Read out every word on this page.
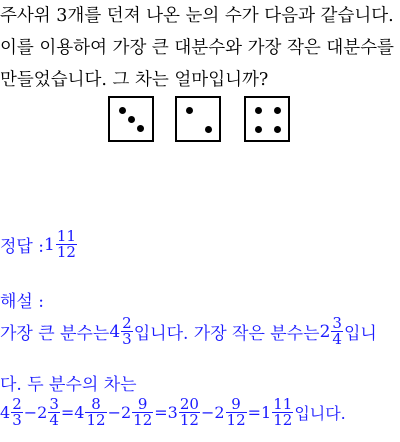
주사위 3개를 던져 나온 눈의 수가 다음과 같습니다.
이를 이용하여 가장 큰 대분수와 가장 작은 대분수를
만들었습니다. 그 차는 얼마입니까?
정답 : $1 \frac{11}{12}$
해설 :
가장 큰 분수는 $4 \frac{2}{3}$ 입니다. 가장 작은 분수는 $2 \frac{3}{4}$ 입니
다. 두 분수의 차는
$4 \frac{2}{3} - 2 \frac{3}{4} = 4 \frac{8}{12} - 2 \frac{9}{12} = 3 \frac{20}{12} - 2 \frac{9}{12} = 1 \frac{11}{12}$ 입니다.
